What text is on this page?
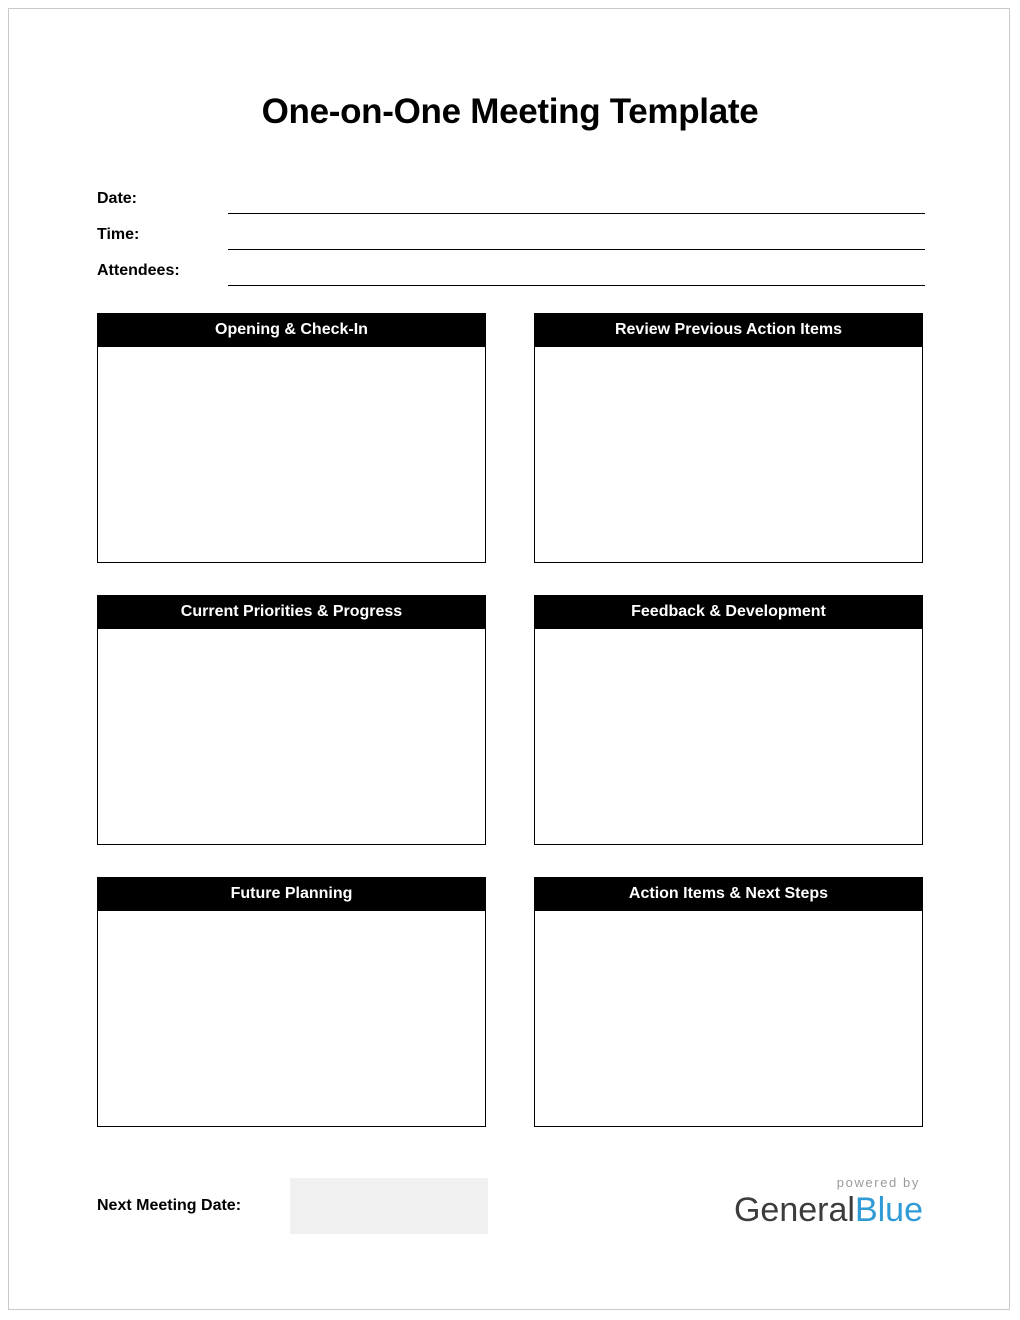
One-on-One Meeting Template
Date:
Time:
Attendees:
Opening & Check-In	Review Previous Action Items
Current Priorities & Progress	Feedback & Development
Future Planning	Action Items & Next Steps
Next Meeting Date:
powered by
GeneralBlue
